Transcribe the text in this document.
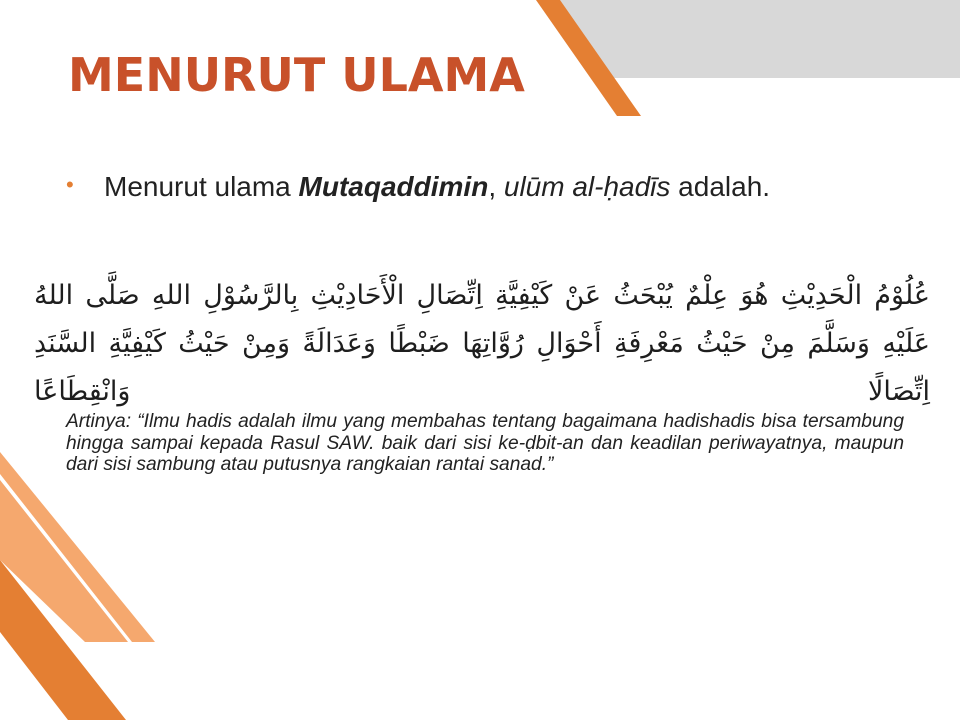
MENURUT ULAMA
• Menurut ulama Mutaqaddimin, ulūm al-ḥadīs adalah.
عُلُوْمُ الْحَدِيْثِ هُوَ عِلْمٌ يُبْحَثُ عَنْ كَيْفِيَّةِ اِتِّصَالِ الْأَحَادِيْثِ بِالرَّسُوْلِ اللهِ صَلَّى اللهُ عَلَيْهِ وَسَلَّمَ مِنْ حَيْثُ مَعْرِفَةِ أَحْوَالِ رُوَّاتِهَا ضَبْطًا وَعَدَالَةً وَمِنْ حَيْثُ كَيْفِيَّةِ السَّنَدِ اِتِّصَالًا وَانْقِطَاعًا
Artinya: “Ilmu hadis adalah ilmu yang membahas tentang bagaimana hadishadis bisa tersambung hingga sampai kepada Rasul SAW. baik dari sisi ke-ḍbit-an dan keadilan periwayatnya, maupun dari sisi sambung atau putusnya rangkaian rantai sanad.”
